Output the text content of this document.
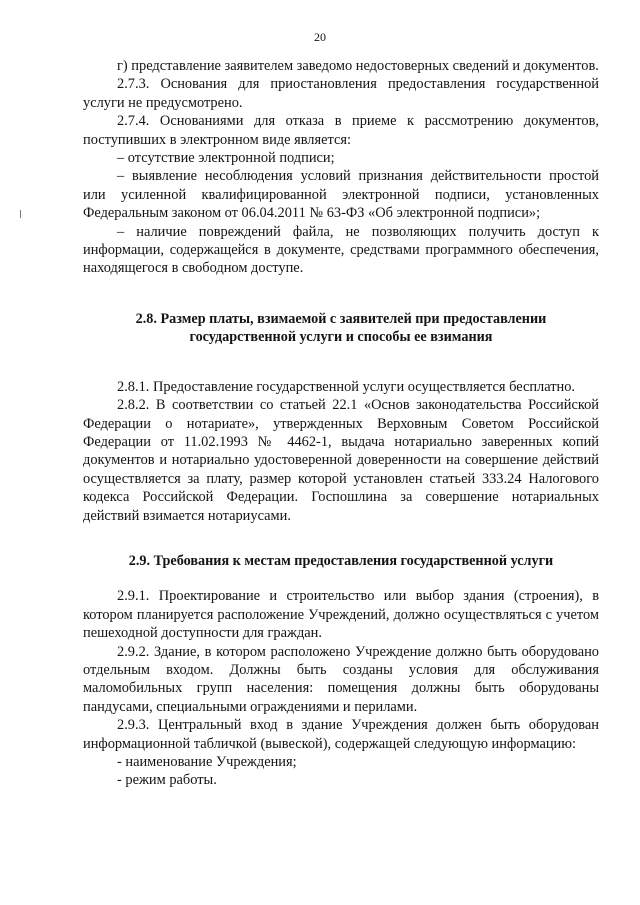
20

г) представление заявителем заведомо недостоверных сведений и документов.

2.7.3. Основания для приостановления предоставления государственной услуги не предусмотрено.

2.7.4. Основаниями для отказа в приеме к рассмотрению документов, поступивших в электронном виде является:

– отсутствие электронной подписи;

– выявление несоблюдения условий признания действительности простой или усиленной квалифицированной электронной подписи, установленных Федеральным законом от 06.04.2011 № 63-ФЗ «Об электронной подписи»;

– наличие повреждений файла, не позволяющих получить доступ к информации, содержащейся в документе, средствами программного обеспечения, находящегося в свободном доступе.

2.8. Размер платы, взимаемой с заявителей при предоставлении государственной услуги и способы ее взимания

2.8.1. Предоставление государственной услуги осуществляется бесплатно.

2.8.2. В соответствии со статьей 22.1 «Основ законодательства Российской Федерации о нотариате», утвержденных Верховным Советом Российской Федерации от 11.02.1993 № 4462-1, выдача нотариально заверенных копий документов и нотариально удостоверенной доверенности на совершение действий осуществляется за плату, размер которой установлен статьей 333.24 Налогового кодекса Российской Федерации. Госпошлина за совершение нотариальных действий взимается нотариусами.

2.9. Требования к местам предоставления государственной услуги

2.9.1. Проектирование и строительство или выбор здания (строения), в котором планируется расположение Учреждений, должно осуществляться с учетом пешеходной доступности для граждан.

2.9.2. Здание, в котором расположено Учреждение должно быть оборудовано отдельным входом. Должны быть созданы условия для обслуживания маломобильных групп населения: помещения должны быть оборудованы пандусами, специальными ограждениями и перилами.

2.9.3. Центральный вход в здание Учреждения должен быть оборудован информационной табличкой (вывеской), содержащей следующую информацию:

- наименование Учреждения;

- режим работы.
